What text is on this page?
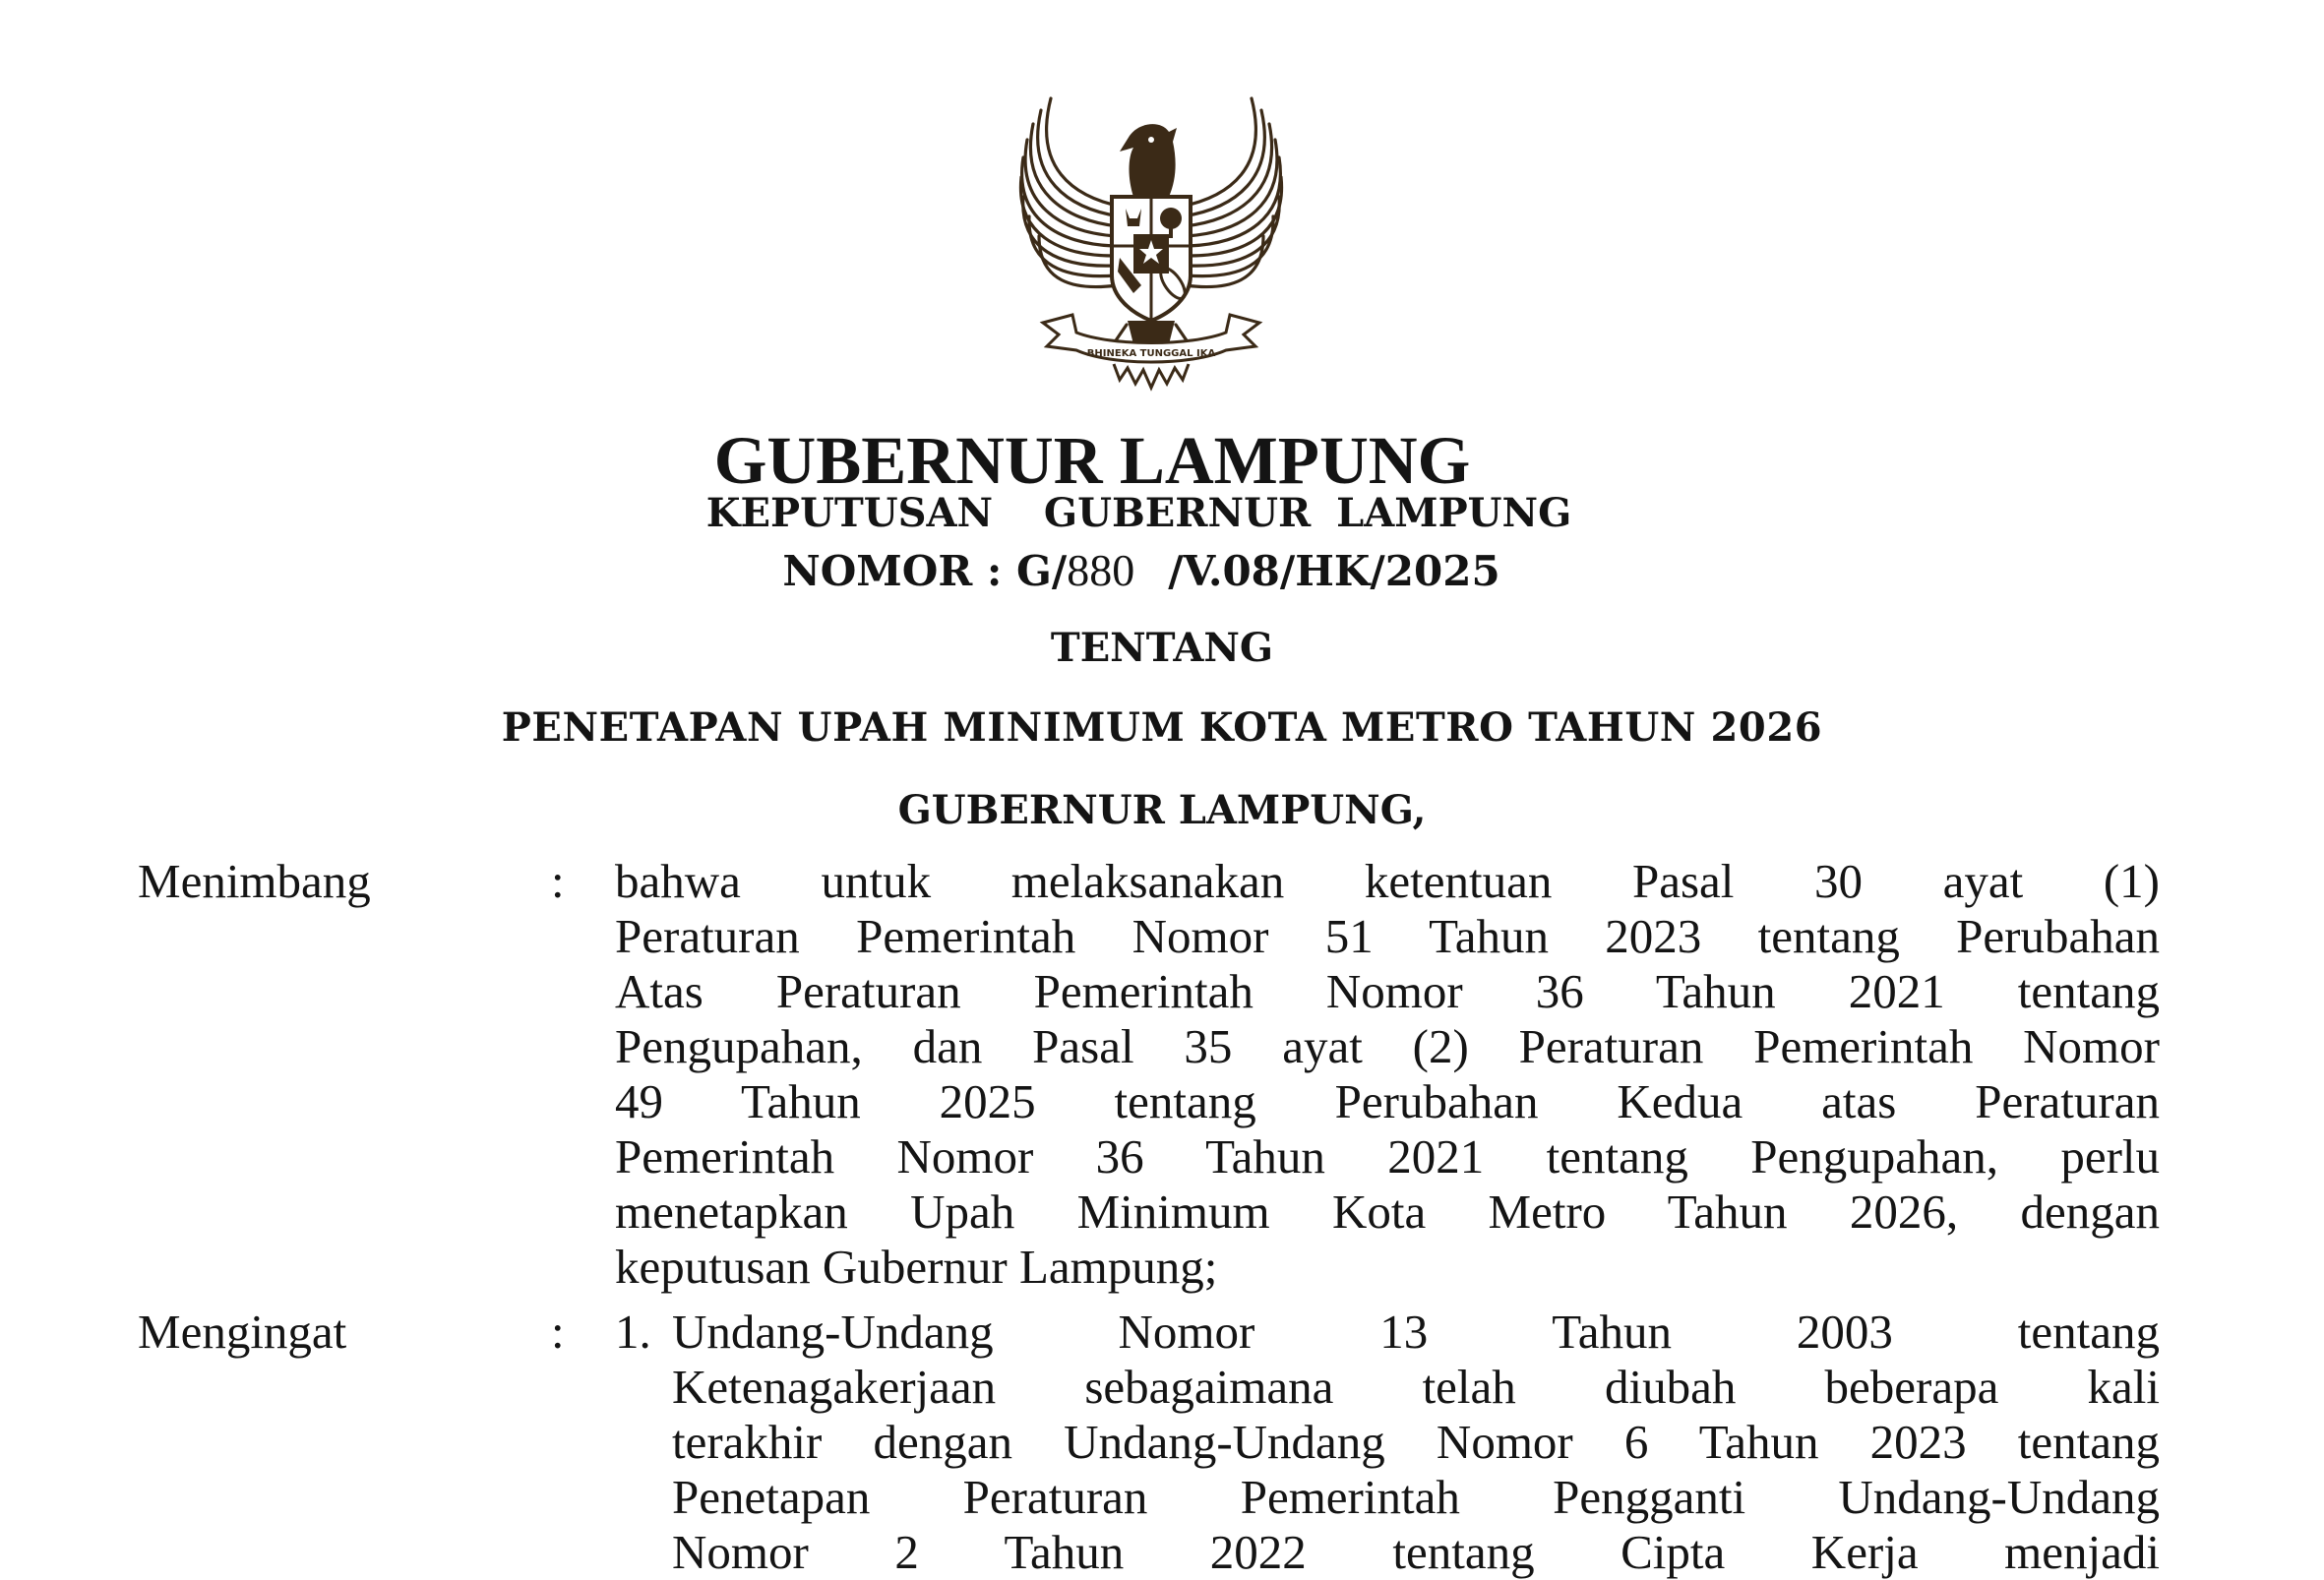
BHINEKA TUNGGAL IKA
GUBERNUR LAMPUNG
KEPUTUSAN  GUBERNUR LAMPUNG
NOMOR : G/880 /V.08/HK/2025
TENTANG
PENETAPAN UPAH MINIMUM KOTA METRO TAHUN 2026
GUBERNUR LAMPUNG,
Menimbang	: bahwa untuk melaksanakan ketentuan Pasal 30 ayat (1)
Peraturan Pemerintah Nomor 51 Tahun 2023 tentang Perubahan
Atas Peraturan Pemerintah Nomor 36 Tahun 2021 tentang
Pengupahan, dan Pasal 35 ayat (2) Peraturan Pemerintah Nomor
49 Tahun 2025 tentang Perubahan Kedua atas Peraturan
Pemerintah Nomor 36 Tahun 2021 tentang Pengupahan, perlu
menetapkan Upah Minimum Kota Metro Tahun 2026, dengan
keputusan Gubernur Lampung;
Mengingat	: 1. Undang-Undang Nomor 13 Tahun 2003 tentang
Ketenagakerjaan sebagaimana telah diubah beberapa kali
terakhir dengan Undang-Undang Nomor 6 Tahun 2023 tentang
Penetapan Peraturan Pemerintah Pengganti Undang-Undang
Nomor 2 Tahun 2022 tentang Cipta Kerja menjadi
